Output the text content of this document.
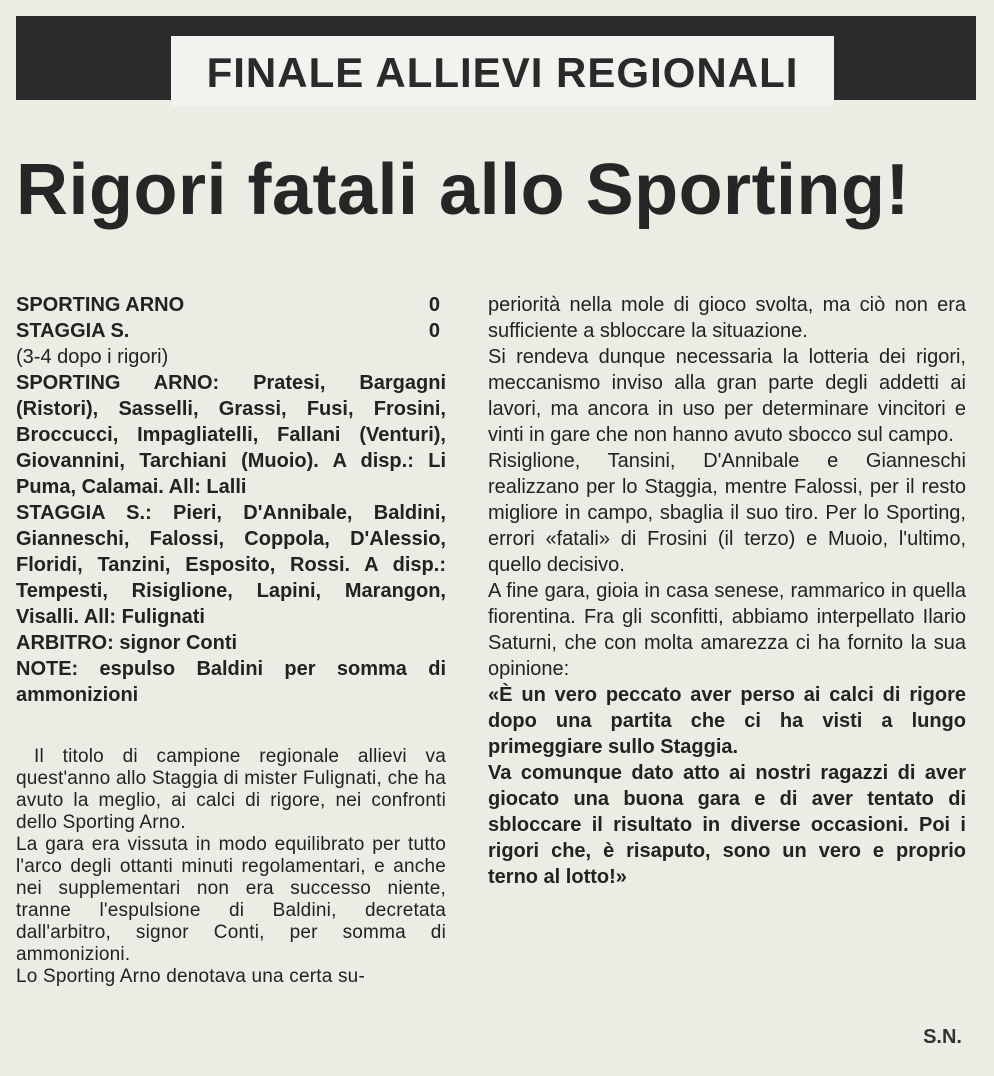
FINALE ALLIEVI REGIONALI
Rigori fatali allo Sporting!
SPORTING ARNO	0
STAGGIA S.	0
(3-4 dopo i rigori)
SPORTING ARNO: Pratesi, Bargagni (Ristori), Sasselli, Grassi, Fusi, Frosini, Broccucci, Impagliatelli, Fallani (Venturi), Giovannini, Tarchiani (Muoio). A disp.: Li Puma, Calamai. All: Lalli
STAGGIA S.: Pieri, D'Annibale, Baldini, Gianneschi, Falossi, Coppola, D'Alessio, Floridi, Tanzini, Esposito, Rossi. A disp.: Tempesti, Risiglione, Lapini, Marangon, Visalli. All: Fulignati
ARBITRO: signor Conti
NOTE: espulso Baldini per somma di ammonizioni

Il titolo di campione regionale allievi va quest'anno allo Staggia di mister Fulignati, che ha avuto la meglio, ai calci di rigore, nei confronti dello Sporting Arno.

La gara era vissuta in modo equilibrato per tutto l'arco degli ottanti minuti regolamentari, e anche nei supplementari non era successo niente, tranne l'espulsione di Baldini, decretata dall'arbitro, signor Conti, per somma di ammonizioni.

Lo Sporting Arno denotava una certa su-

periorità nella mole di gioco svolta, ma ciò non era sufficiente a sbloccare la situazione.

Si rendeva dunque necessaria la lotteria dei rigori, meccanismo inviso alla gran parte degli addetti ai lavori, ma ancora in uso per determinare vincitori e vinti in gare che non hanno avuto sbocco sul campo.

Risiglione, Tansini, D'Annibale e Gianneschi realizzano per lo Staggia, mentre Falossi, per il resto migliore in campo, sbaglia il suo tiro. Per lo Sporting, errori «fatali» di Frosini (il terzo) e Muoio, l'ultimo, quello decisivo.

A fine gara, gioia in casa senese, rammarico in quella fiorentina. Fra gli sconfitti, abbiamo interpellato Ilario Saturni, che con molta amarezza ci ha fornito la sua opinione:

«È un vero peccato aver perso ai calci di rigore dopo una partita che ci ha visti a lungo primeggiare sullo Staggia.

Va comunque dato atto ai nostri ragazzi di aver giocato una buona gara e di aver tentato di sbloccare il risultato in diverse occasioni. Poi i rigori che, è risaputo, sono un vero e proprio terno al lotto!»

S.N.
